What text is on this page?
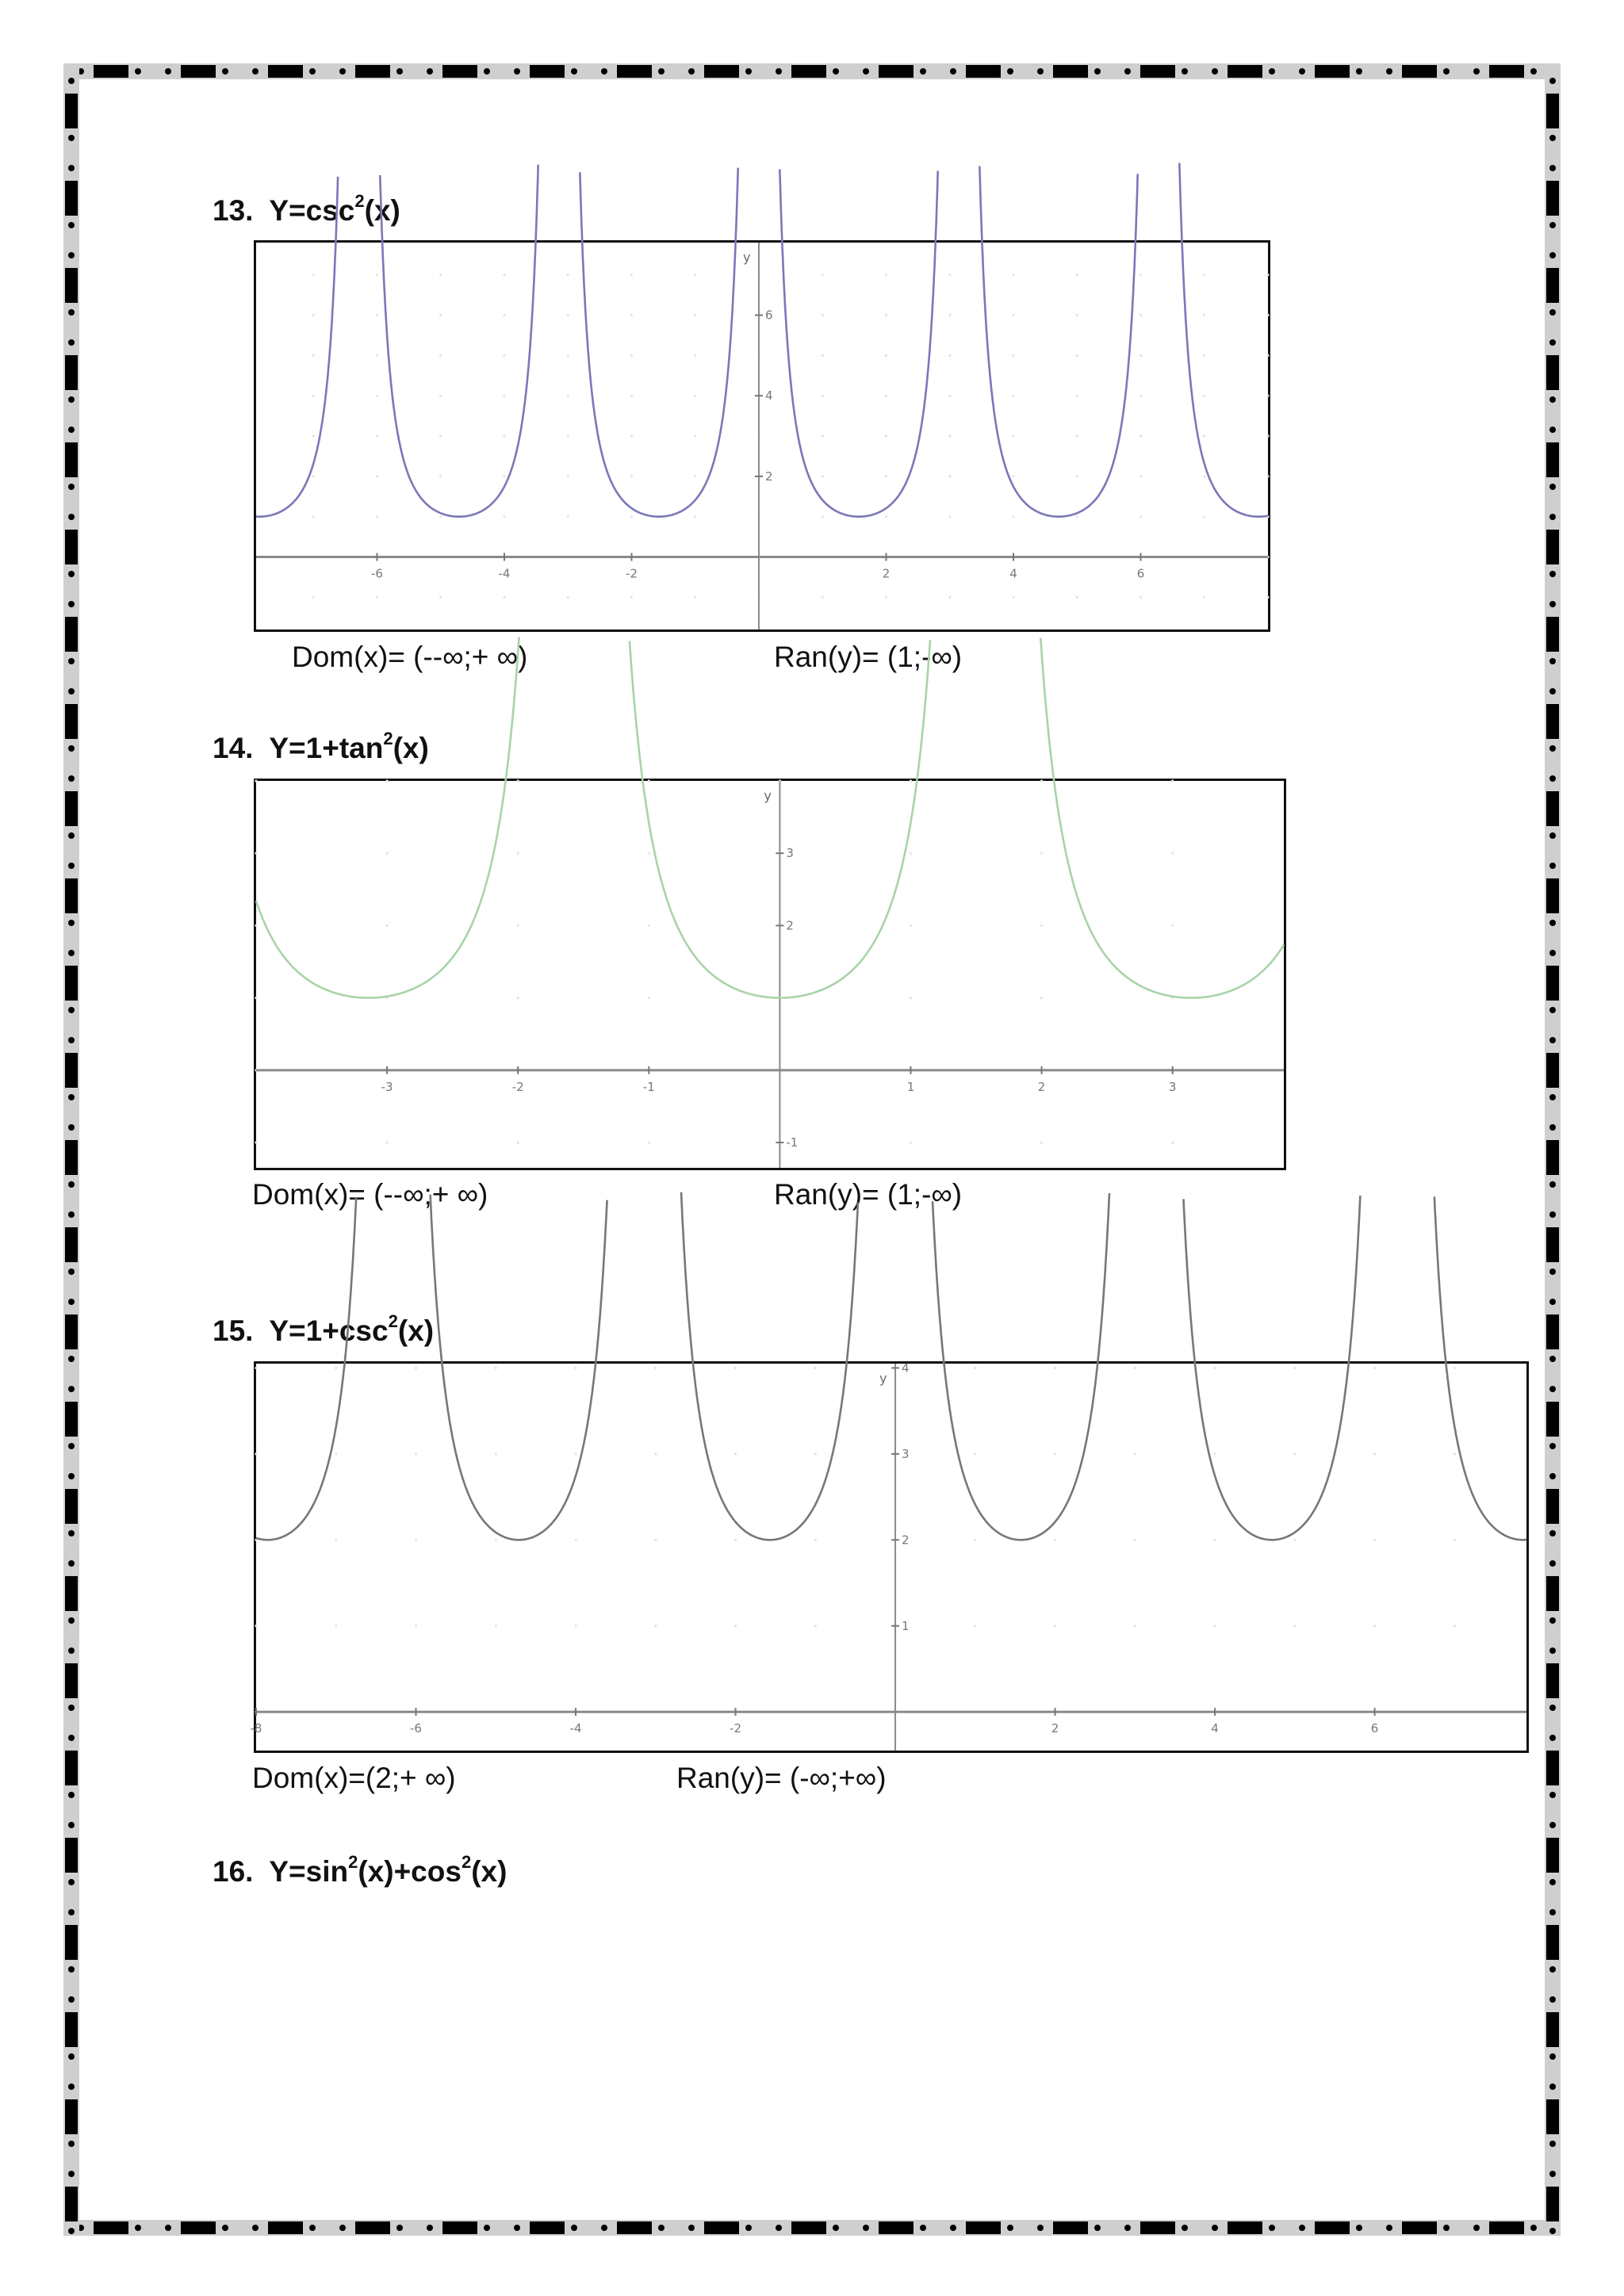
13. $Y=\csc^2(x)$
-6	-4	-2	2	4	6
2
4
6
y
Dom(x)= (--∞;+ ∞)	Ran(y)= (1;-∞)
14. $Y=1+\tan^2(x)$
-3	-2	-1	1	2	3
-1
2
3
y
Dom(x)= (--∞;+ ∞)	Ran(y)= (1;-∞)
15. $Y=1+\csc^2(x)$
-8	-6	-4	-2	2	4	6
1
2
3
4
y
Dom(x)=(2;+ ∞)	Ran(y)= (-∞;+∞)
16. $Y=\sin^2(x)+\cos^2(x)$
